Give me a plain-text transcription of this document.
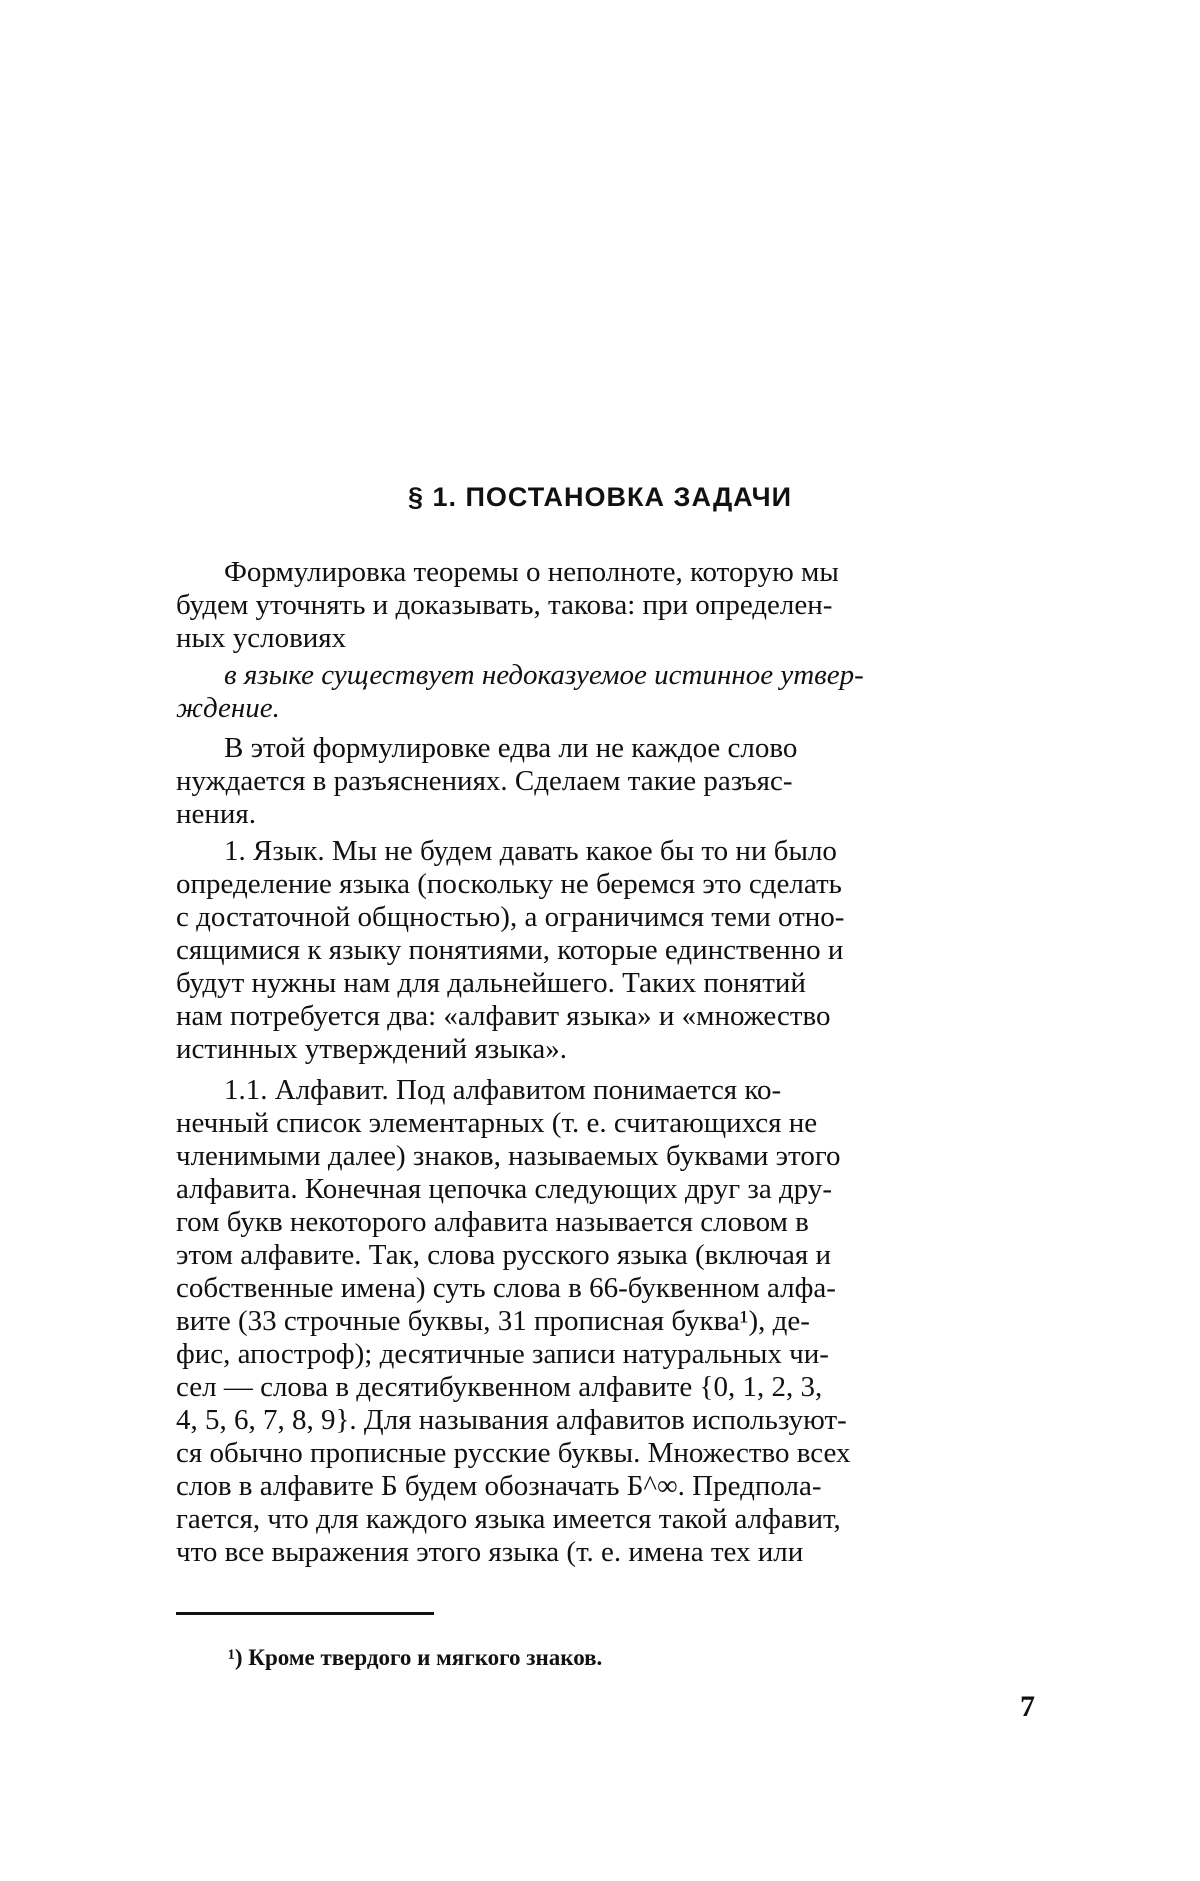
§ 1. ПОСТАНОВКА ЗАДАЧИ
Формулировка теоремы о неполноте, которую мы
будем уточнять и доказывать, такова: при определен-
ных условиях
в языке существует недоказуемое истинное утвер-
ждение.
В этой формулировке едва ли не каждое слово
нуждается в разъяснениях. Сделаем такие разъяс-
нения.
1. Язык. Мы не будем давать какое бы то ни было
определение языка (поскольку не беремся это сделать
с достаточной общностью), а ограничимся теми отно-
сящимися к языку понятиями, которые единственно и
будут нужны нам для дальнейшего. Таких понятий
нам потребуется два: «алфавит языка» и «множество
истинных утверждений языка».
1.1. Алфавит. Под алфавитом понимается ко-
нечный список элементарных (т. е. считающихся не
членимыми далее) знаков, называемых буквами этого
алфавита. Конечная цепочка следующих друг за дру-
гом букв некоторого алфавита называется словом в
этом алфавите. Так, слова русского языка (включая и
собственные имена) суть слова в 66-буквенном алфа-
вите (33 строчные буквы, 31 прописная буква¹), де-
фис, апостроф); десятичные записи натуральных чи-
сел — слова в десятибуквенном алфавите {0, 1, 2, 3,
4, 5, 6, 7, 8, 9}. Для называния алфавитов используют-
ся обычно прописные русские буквы. Множество всех
слов в алфавите Б будем обозначать Б^∞. Предпола-
гается, что для каждого языка имеется такой алфавит,
что все выражения этого языка (т. е. имена тех или
¹) Кроме твердого и мягкого знаков.
7
